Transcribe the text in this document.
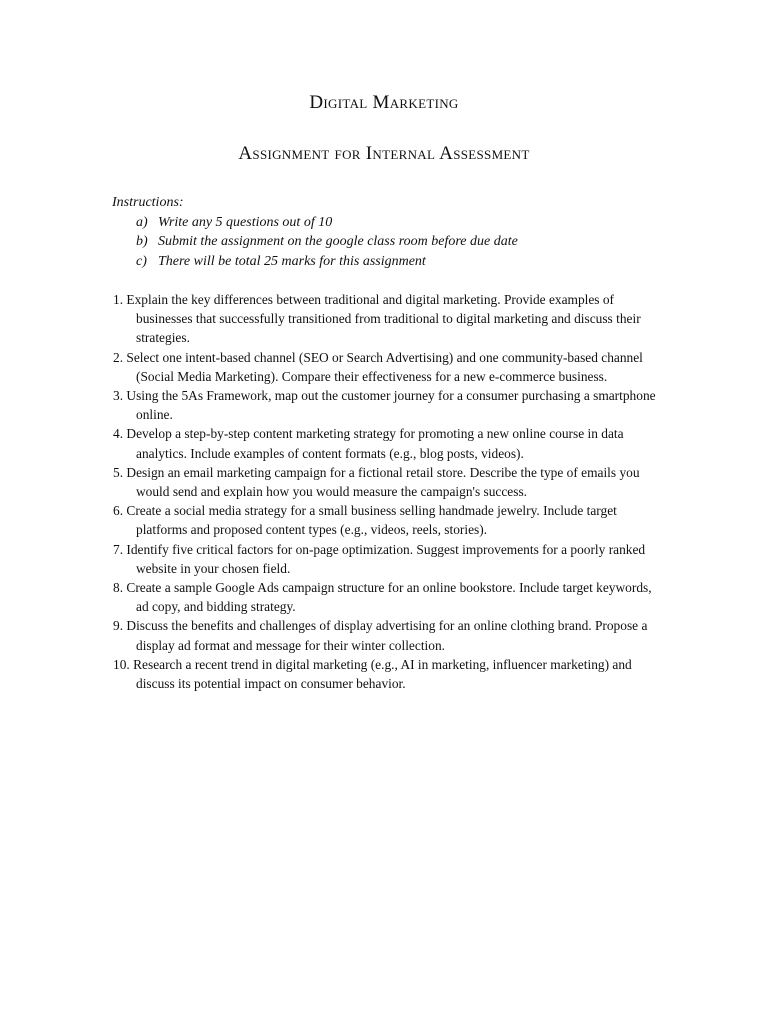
Digital Marketing
Assignment for Internal Assessment
Instructions:
a) Write any 5 questions out of 10
b) Submit the assignment on the google class room before due date
c) There will be total 25 marks for this assignment
1. Explain the key differences between traditional and digital marketing. Provide examples of businesses that successfully transitioned from traditional to digital marketing and discuss their strategies.
2. Select one intent-based channel (SEO or Search Advertising) and one community-based channel (Social Media Marketing). Compare their effectiveness for a new e-commerce business.
3. Using the 5As Framework, map out the customer journey for a consumer purchasing a smartphone online.
4. Develop a step-by-step content marketing strategy for promoting a new online course in data analytics. Include examples of content formats (e.g., blog posts, videos).
5. Design an email marketing campaign for a fictional retail store. Describe the type of emails you would send and explain how you would measure the campaign's success.
6. Create a social media strategy for a small business selling handmade jewelry. Include target platforms and proposed content types (e.g., videos, reels, stories).
7. Identify five critical factors for on-page optimization. Suggest improvements for a poorly ranked website in your chosen field.
8. Create a sample Google Ads campaign structure for an online bookstore. Include target keywords, ad copy, and bidding strategy.
9. Discuss the benefits and challenges of display advertising for an online clothing brand. Propose a display ad format and message for their winter collection.
10. Research a recent trend in digital marketing (e.g., AI in marketing, influencer marketing) and discuss its potential impact on consumer behavior.
